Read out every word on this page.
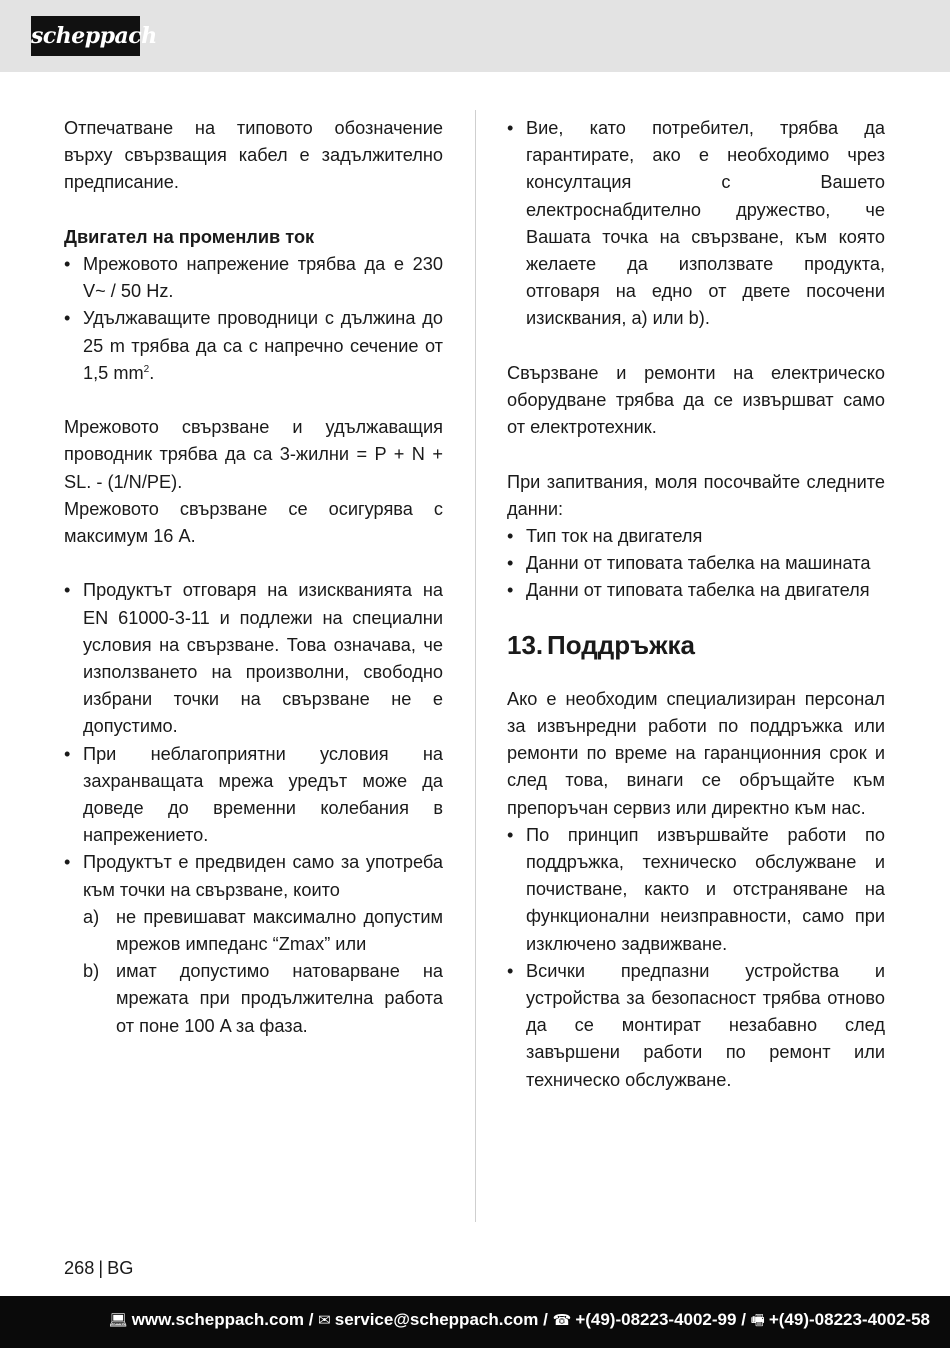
scheppach

Отпечатване на типовото обозначение върху свързващия кабел е задължително предписание.

Двигател на променлив ток

• Мрежовото напрежение трябва да е 230 V~ / 50 Hz.
• Удължаващите проводници с дължина до 25 m трябва да са с напречно сечение от 1,5 $mm^2$.

Мрежовото свързване и удължаващия проводник трябва да са 3-жилни = P + N + SL. - (1/N/PE).

Мрежовото свързване се осигурява с максимум 16 A.

• Продуктът отговаря на изискванията на EN 61000-3-11 и подлежи на специални условия на свързване. Това означава, че използването на произволни, свободно избрани точки на свързване не е допустимо.
• При неблагоприятни условия на захранващата мрежа уредът може да доведе до временни колебания в напрежението.
• Продуктът е предвиден само за употреба към точки на свързване, които
a) не превишават максимално допустим мрежов импеданс “Zmax” или
b) имат допустимо натоварване на мрежата при продължителна работа от поне 100 A за фаза.
• Вие, като потребител, трябва да гарантирате, ако е необходимо чрез консултация с Вашето електроснабдително дружество, че Вашата точка на свързване, към която желаете да използвате продукта, отговаря на едно от двете посочени изисквания, a) или b).

Свързване и ремонти на електрическо оборудване трябва да се извършват само от електротехник.

При запитвания, моля посочвайте следните данни:

• Тип ток на двигателя
• Данни от типовата табелка на машината
• Данни от типовата табелка на двигателя
13. Поддръжка

Ако е необходим специализиран персонал за извънредни работи по поддръжка или ремонти по време на гаранционния срок и след това, винаги се обръщайте към препоръчан сервиз или директно към нас.

• По принцип извършвайте работи по поддръжка, техническо обслужване и почистване, както и отстраняване на функционални неизправности, само при изключено задвижване.
• Всички предпазни устройства и устройства за безопасност трябва отново да се монтират незабавно след завършени работи по ремонт или техническо обслужване.
268 | BG
💻︎ www.scheppach.com / ✉︎ service@scheppach.com / ☎︎ +(49)-08223-4002-99 / 🖷︎ +(49)-08223-4002-58
